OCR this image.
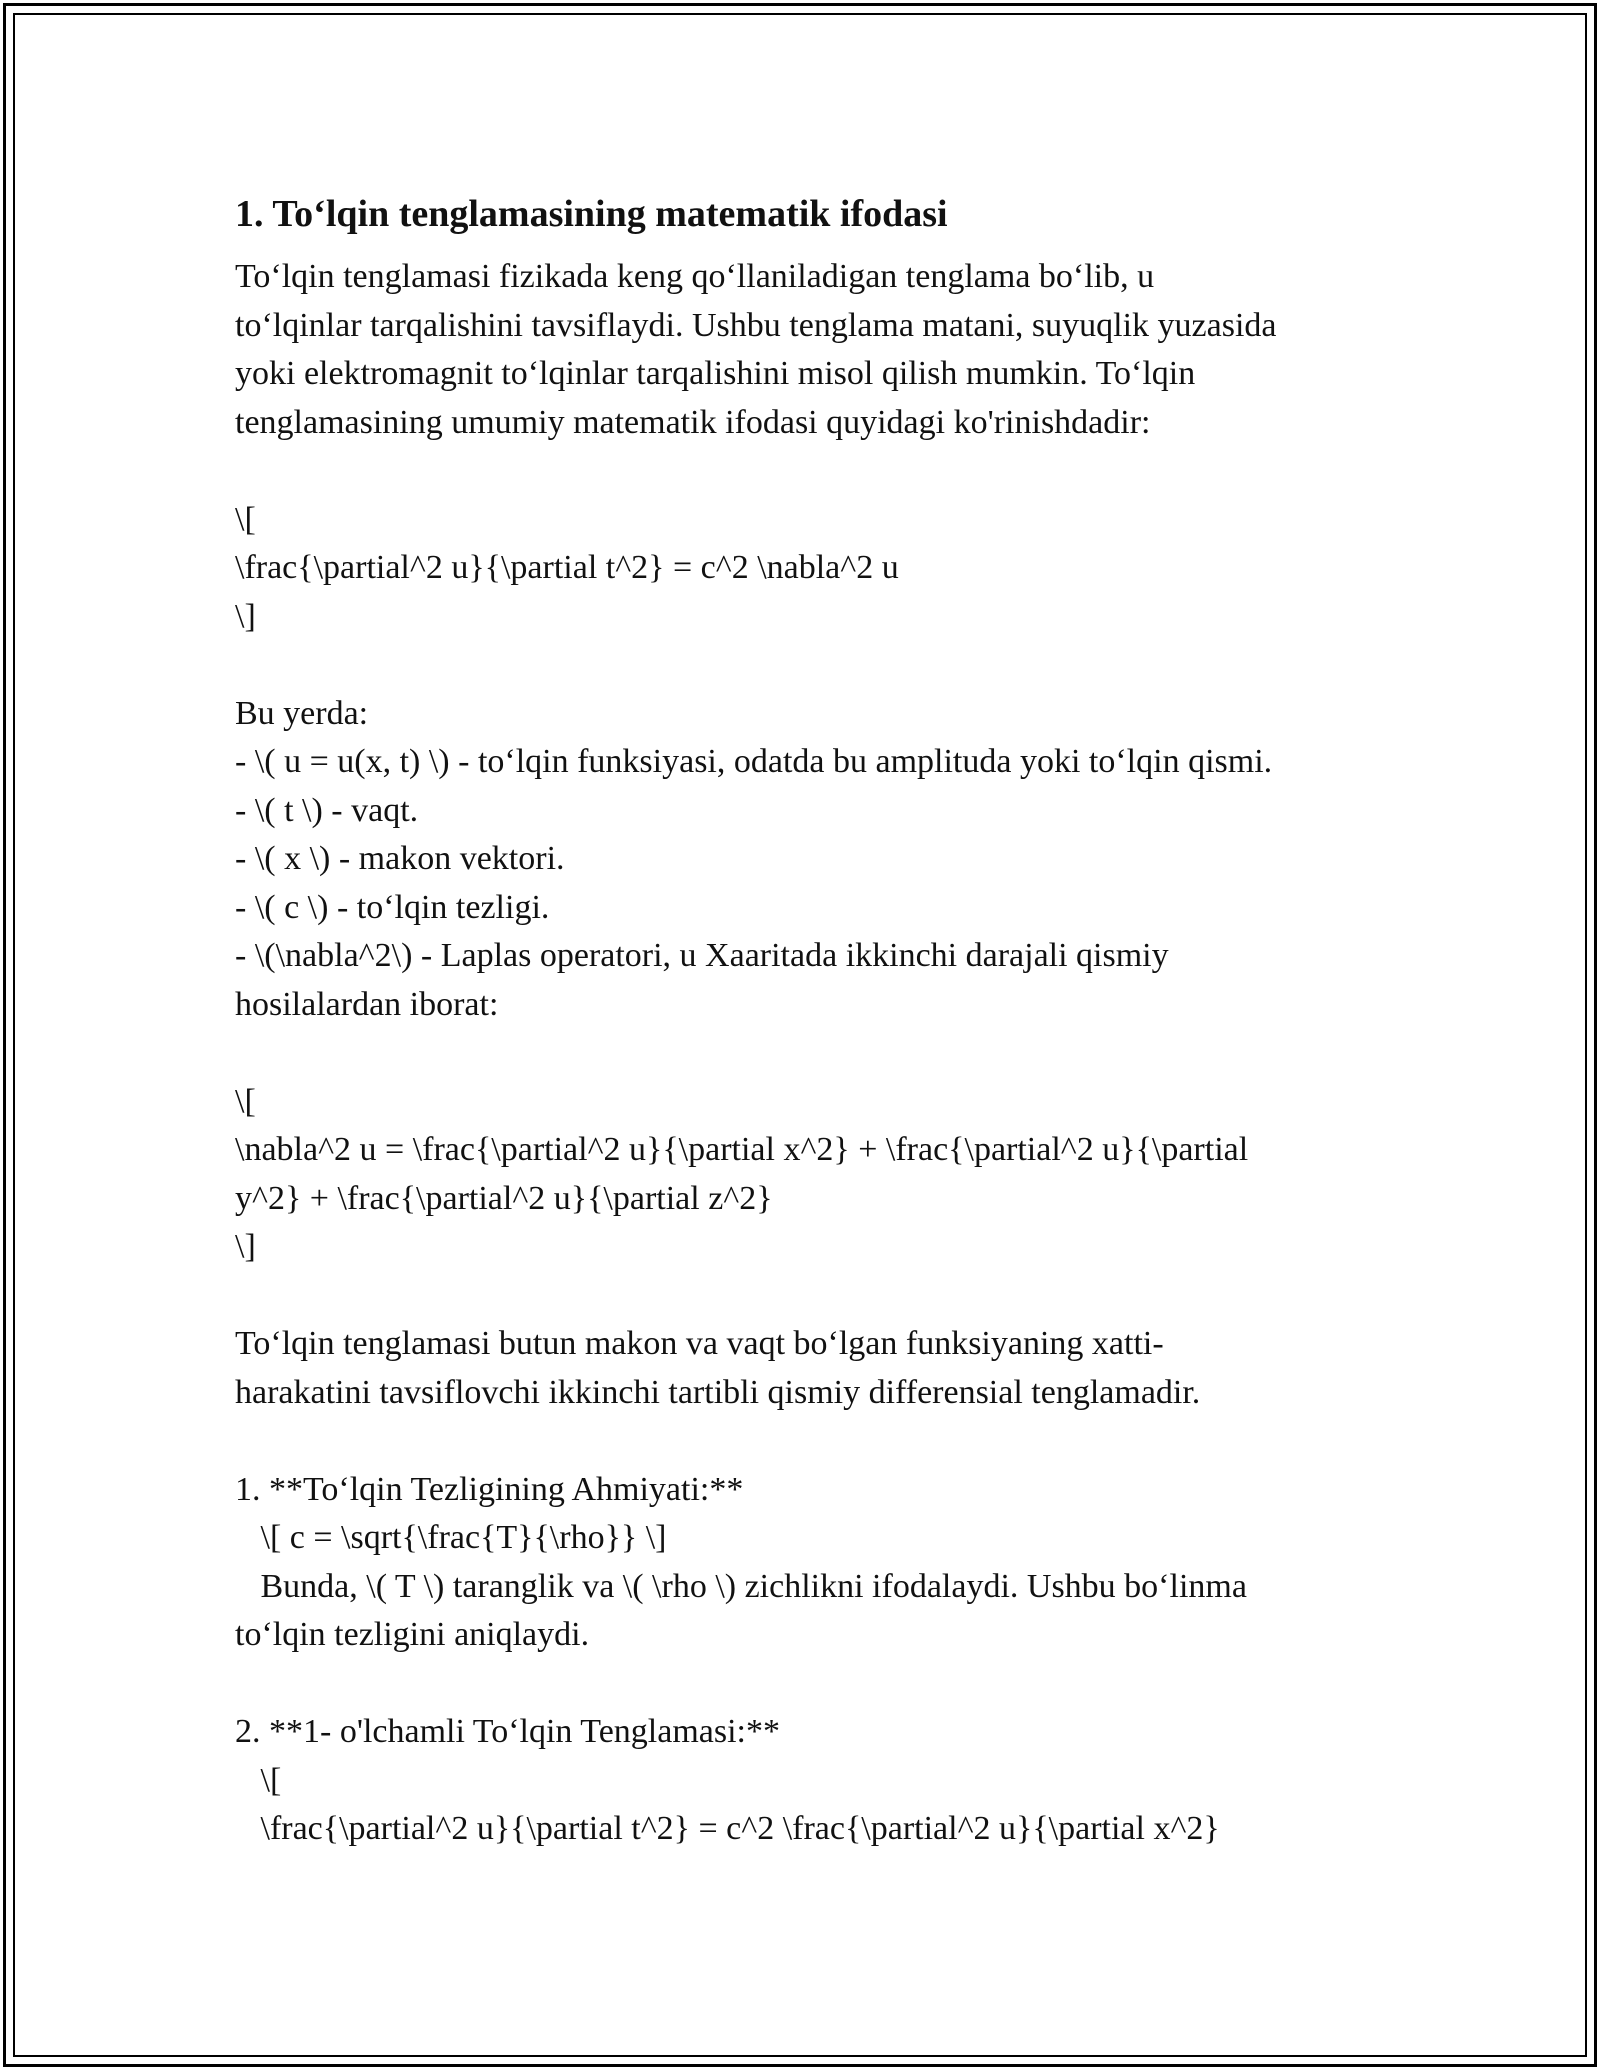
1. To‘lqin tenglamasining matematik ifodasi
To‘lqin tenglamasi fizikada keng qo‘llaniladigan tenglama bo‘lib, u
to‘lqinlar tarqalishini tavsiflaydi. Ushbu tenglama matani, suyuqlik yuzasida
yoki elektromagnit to‘lqinlar tarqalishini misol qilish mumkin. To‘lqin
tenglamasining umumiy matematik ifodasi quyidagi ko'rinishdadir:
\[
\frac{\partial^2 u}{\partial t^2} = c^2 \nabla^2 u
\]
Bu yerda:
- \( u = u(x, t) \) - to‘lqin funksiyasi, odatda bu amplituda yoki to‘lqin qismi.
- \( t \) - vaqt.
- \( x \) - makon vektori.
- \( c \) - to‘lqin tezligi.
- \(\nabla^2\) - Laplas operatori, u Xaaritada ikkinchi darajali qismiy
hosilalardan iborat:
\[
\nabla^2 u = \frac{\partial^2 u}{\partial x^2} + \frac{\partial^2 u}{\partial
y^2} + \frac{\partial^2 u}{\partial z^2}
\]
To‘lqin tenglamasi butun makon va vaqt bo‘lgan funksiyaning xatti-
harakatini tavsiflovchi ikkinchi tartibli qismiy differensial tenglamadir.
1. **To‘lqin Tezligining Ahmiyati:**
\[ c = \sqrt{\frac{T}{\rho}} \]
Bunda, \( T \) taranglik va \( \rho \) zichlikni ifodalaydi. Ushbu bo‘linma
to‘lqin tezligini aniqlaydi.
2. **1- o'lchamli To‘lqin Tenglamasi:**
\[
\frac{\partial^2 u}{\partial t^2} = c^2 \frac{\partial^2 u}{\partial x^2}
